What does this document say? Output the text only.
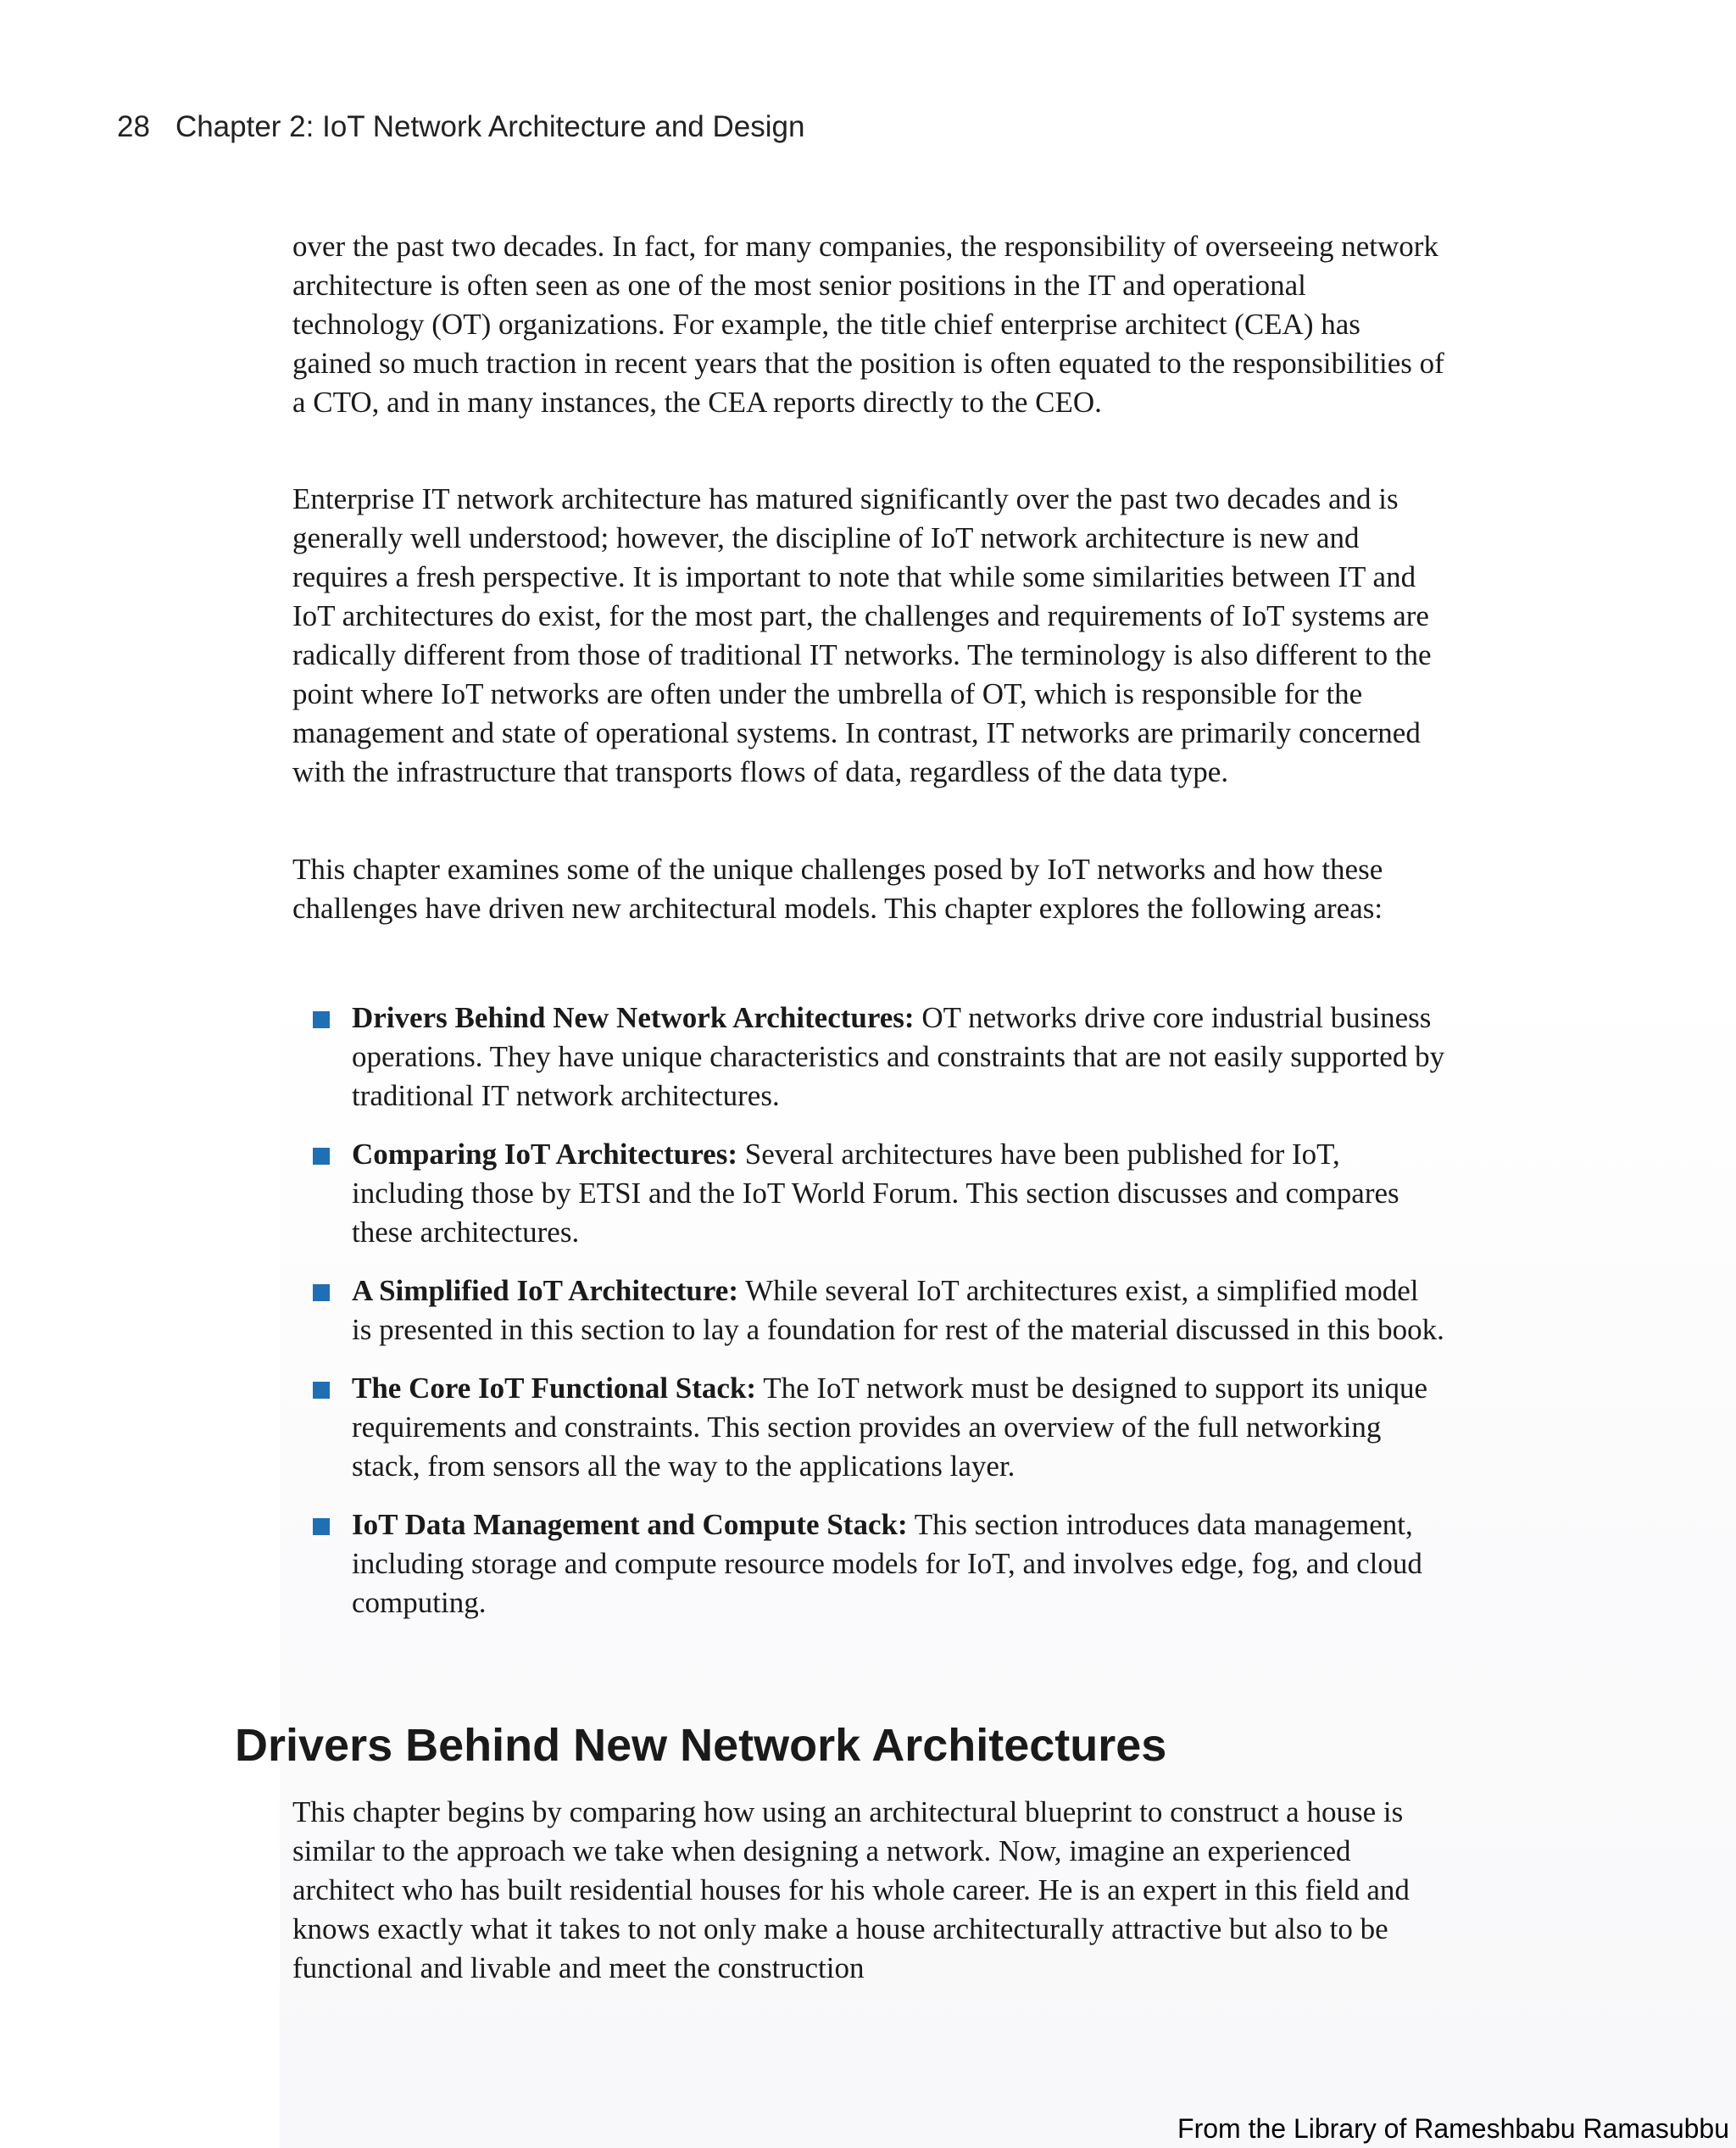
28 Chapter 2: IoT Network Architecture and Design

over the past two decades. In fact, for many companies, the responsibility of overseeing network architecture is often seen as one of the most senior positions in the IT and operational technology (OT) organizations. For example, the title chief enterprise architect (CEA) has gained so much traction in recent years that the position is often equated to the responsibilities of a CTO, and in many instances, the CEA reports directly to the CEO.

Enterprise IT network architecture has matured significantly over the past two decades and is generally well understood; however, the discipline of IoT network architecture is new and requires a fresh perspective. It is important to note that while some similarities between IT and IoT architectures do exist, for the most part, the challenges and requirements of IoT systems are radically different from those of traditional IT networks. The terminology is also different to the point where IoT networks are often under the umbrella of OT, which is responsible for the management and state of operational systems. In contrast, IT networks are primarily concerned with the infrastructure that transports flows of data, regardless of the data type.

This chapter examines some of the unique challenges posed by IoT networks and how these challenges have driven new architectural models. This chapter explores the following areas:

Drivers Behind New Network Architectures: OT networks drive core industrial business operations. They have unique characteristics and constraints that are not easily supported by traditional IT network architectures.
Comparing IoT Architectures: Several architectures have been published for IoT, including those by ETSI and the IoT World Forum. This section discusses and compares these architectures.
A Simplified IoT Architecture: While several IoT architectures exist, a simplified model is presented in this section to lay a foundation for rest of the material discussed in this book.
The Core IoT Functional Stack: The IoT network must be designed to support its unique requirements and constraints. This section provides an overview of the full networking stack, from sensors all the way to the applications layer.
IoT Data Management and Compute Stack: This section introduces data management, including storage and compute resource models for IoT, and involves edge, fog, and cloud computing.
Drivers Behind New Network Architectures

This chapter begins by comparing how using an architectural blueprint to construct a house is similar to the approach we take when designing a network. Now, imagine an experienced architect who has built residential houses for his whole career. He is an expert in this field and knows exactly what it takes to not only make a house architecturally attractive but also to be functional and livable and meet the construction

From the Library of Rameshbabu Ramasubbu
